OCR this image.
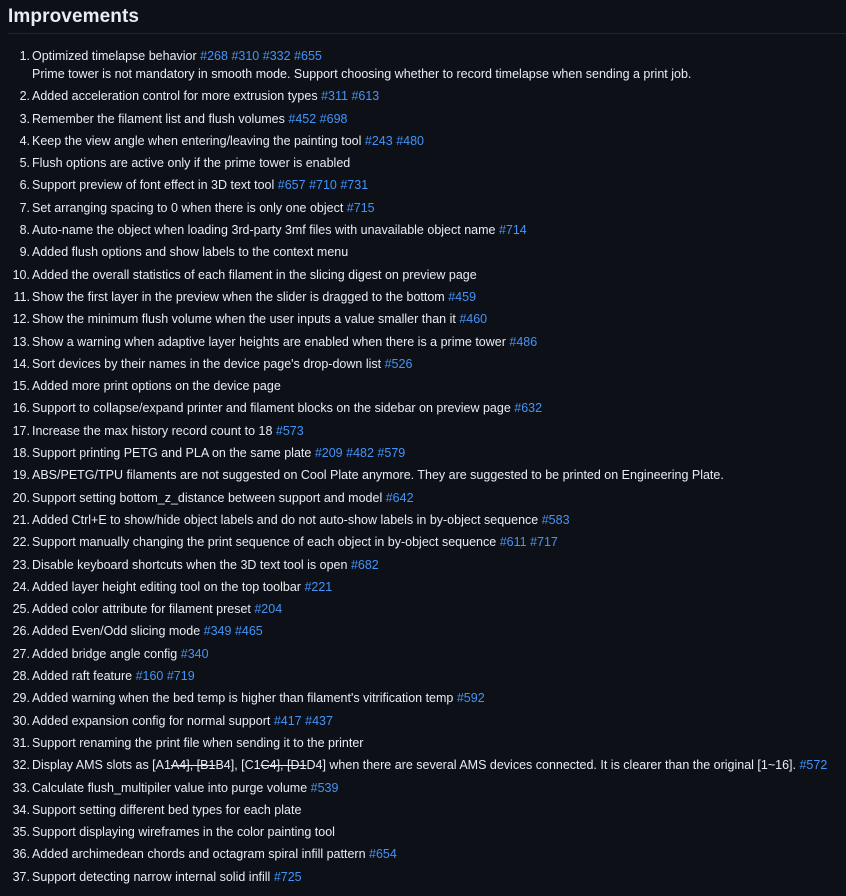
Improvements
1. Optimized timelapse behavior #268 #310 #332 #655
Prime tower is not mandatory in smooth mode. Support choosing whether to record timelapse when sending a print job.
2. Added acceleration control for more extrusion types #311 #613
3. Remember the filament list and flush volumes #452 #698
4. Keep the view angle when entering/leaving the painting tool #243 #480
5. Flush options are active only if the prime tower is enabled
6. Support preview of font effect in 3D text tool #657 #710 #731
7. Set arranging spacing to 0 when there is only one object #715
8. Auto-name the object when loading 3rd-party 3mf files with unavailable object name #714
9. Added flush options and show labels to the context menu
10. Added the overall statistics of each filament in the slicing digest on preview page
11. Show the first layer in the preview when the slider is dragged to the bottom #459
12. Show the minimum flush volume when the user inputs a value smaller than it #460
13. Show a warning when adaptive layer heights are enabled when there is a prime tower #486
14. Sort devices by their names in the device page's drop-down list #526
15. Added more print options on the device page
16. Support to collapse/expand printer and filament blocks on the sidebar on preview page #632
17. Increase the max history record count to 18 #573
18. Support printing PETG and PLA on the same plate #209 #482 #579
19. ABS/PETG/TPU filaments are not suggested on Cool Plate anymore. They are suggested to be printed on Engineering Plate.
20. Support setting bottom_z_distance between support and model #642
21. Added Ctrl+E to show/hide object labels and do not auto-show labels in by-object sequence #583
22. Support manually changing the print sequence of each object in by-object sequence #611 #717
23. Disable keyboard shortcuts when the 3D text tool is open #682
24. Added layer height editing tool on the top toolbar #221
25. Added color attribute for filament preset #204
26. Added Even/Odd slicing mode #349 #465
27. Added bridge angle config #340
28. Added raft feature #160 #719
29. Added warning when the bed temp is higher than filament's vitrification temp #592
30. Added expansion config for normal support #417 #437
31. Support renaming the print file when sending it to the printer
32. Display AMS slots as [A1A4], [B1B4], [C1C4], [D1D4] when there are several AMS devices connected. It is clearer than the original [1~16]. #572
33. Calculate flush_multipiler value into purge volume #539
34. Support setting different bed types for each plate
35. Support displaying wireframes in the color painting tool
36. Added archimedean chords and octagram spiral infill pattern #654
37. Support detecting narrow internal solid infill #725
